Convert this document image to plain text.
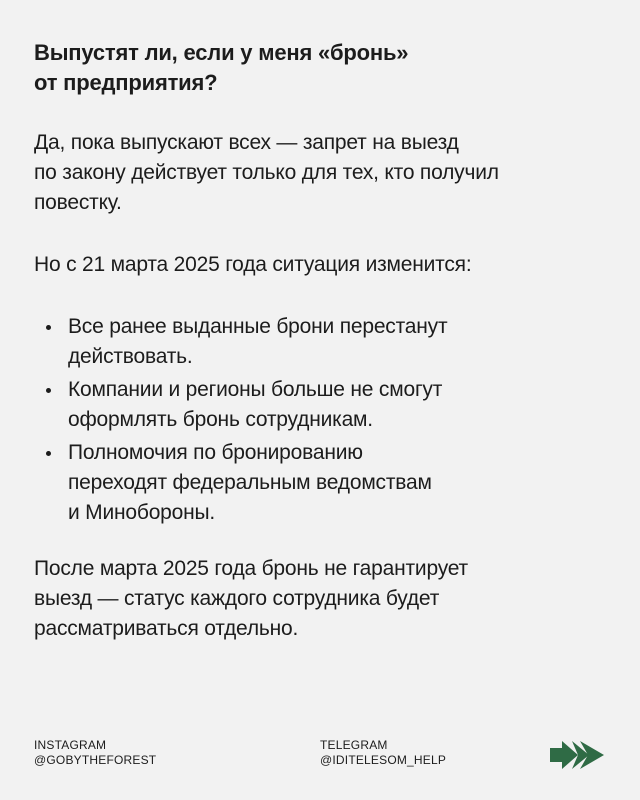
Выпустят ли, если у меня «бронь»
от предприятия?

Да, пока выпускают всех — запрет на выезд
по закону действует только для тех, кто получил
повестку.

Но с 21 марта 2025 года ситуация изменится:

Все ранее выданные брони перестанут
действовать.
Компании и регионы больше не смогут
оформлять бронь сотрудникам.
Полномочия по бронированию
переходят федеральным ведомствам
и Минобороны.

После марта 2025 года бронь не гарантирует
выезд — статус каждого сотрудника будет
рассматриваться отдельно.

INSTAGRAM
@GOBYTHEFOREST
TELEGRAM
@IDITELESOM_HELP
